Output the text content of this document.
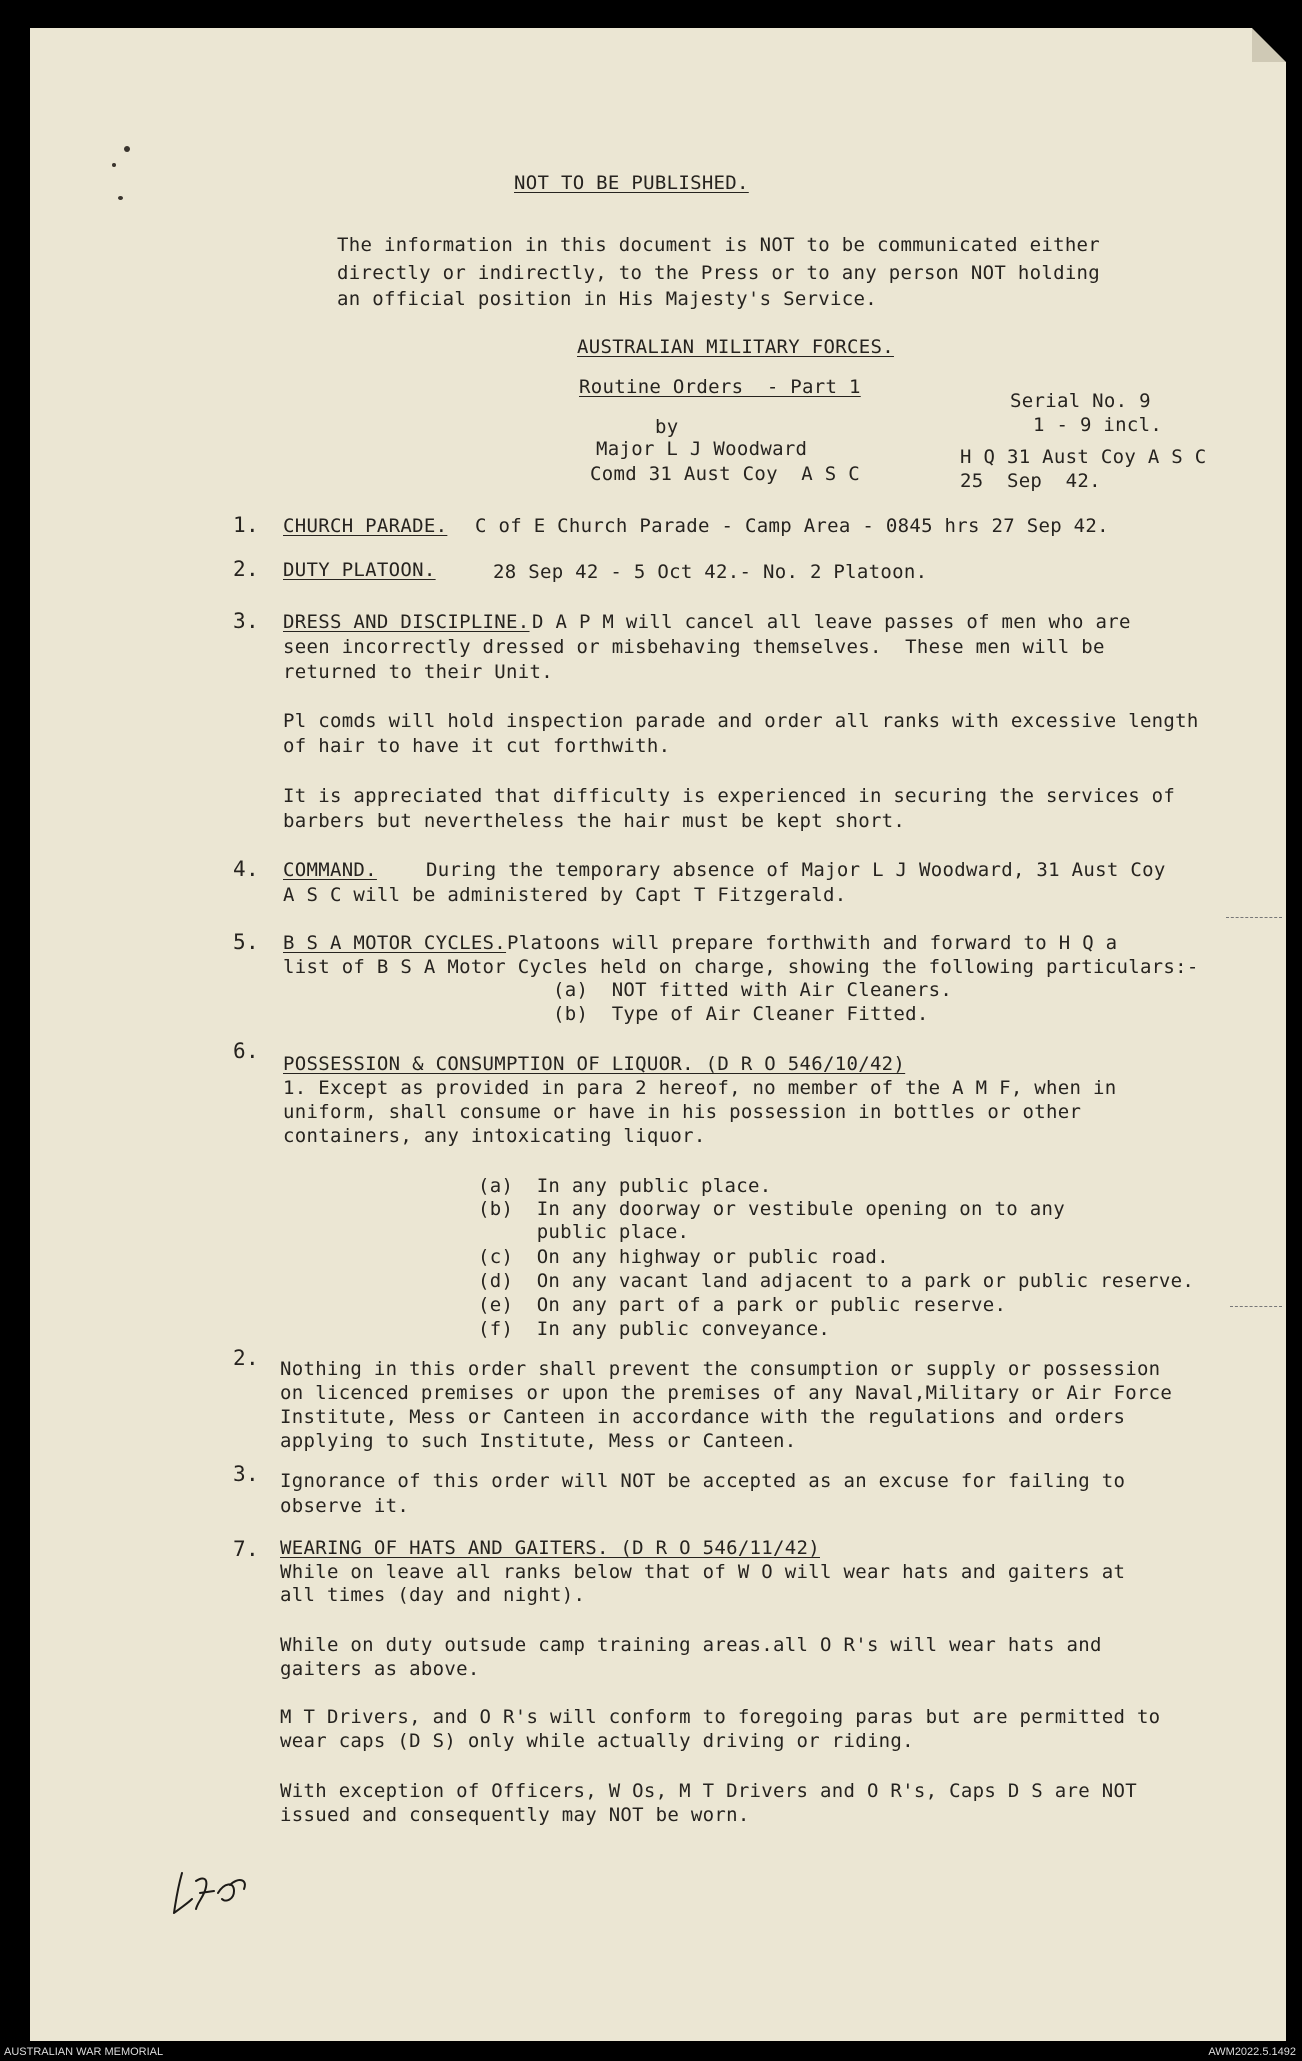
NOT TO BE PUBLISHED.
The information in this document is NOT to be communicated either
directly or indirectly, to the Press or to any person NOT holding
an official position in His Majesty's Service.
AUSTRALIAN MILITARY FORCES.
Routine Orders  - Part 1
by
Major L J Woodward
Comd 31 Aust Coy  A S C
Serial No. 9
1 - 9 incl.
H Q 31 Aust Coy A S C
25  Sep  42.
1. CHURCH PARADE. C of E Church Parade - Camp Area - 0845 hrs 27 Sep 42.
2. DUTY PLATOON.	28 Sep 42 - 5 Oct 42.- No. 2 Platoon.
3. DRESS AND DISCIPLINE. D A P M will cancel all leave passes of men who are
seen incorrectly dressed or misbehaving themselves.  These men will be
returned to their Unit.
Pl comds will hold inspection parade and order all ranks with excessive length
of hair to have it cut forthwith.
It is appreciated that difficulty is experienced in securing the services of
barbers but nevertheless the hair must be kept short.
4. COMMAND.	During the temporary absence of Major L J Woodward, 31 Aust Coy
A S C will be administered by Capt T Fitzgerald.
5. B S A MOTOR CYCLES. Platoons will prepare forthwith and forward to H Q a
list of B S A Motor Cycles held on charge, showing the following particulars:-
(a)  NOT fitted with Air Cleaners.
(b)  Type of Air Cleaner Fitted.
6.
POSSESSION & CONSUMPTION OF LIQUOR. (D R O 546/10/42)
1. Except as provided in para 2 hereof, no member of the A M F, when in
uniform, shall consume or have in his possession in bottles or other
containers, any intoxicating liquor.
(a)  In any public place.
(b)  In any doorway or vestibule opening on to any
public place.
(c)  On any highway or public road.
(d)  On any vacant land adjacent to a park or public reserve.
(e)  On any part of a park or public reserve.
(f)  In any public conveyance.
2. Nothing in this order shall prevent the consumption or supply or possession
on licenced premises or upon the premises of any Naval,Military or Air Force
Institute, Mess or Canteen in accordance with the regulations and orders
applying to such Institute, Mess or Canteen.
3. Ignorance of this order will NOT be accepted as an excuse for failing to
observe it.
7. WEARING OF HATS AND GAITERS. (D R O 546/11/42)
While on leave all ranks below that of W O will wear hats and gaiters at
all times (day and night).
While on duty outsude camp training areas.all O R's will wear hats and
gaiters as above.
M T Drivers, and O R's will conform to foregoing paras but are permitted to
wear caps (D S) only while actually driving or riding.
With exception of Officers, W Os, M T Drivers and O R's, Caps D S are NOT
issued and consequently may NOT be worn.
AUSTRALIAN WAR MEMORIAL	AWM2022.5.1492
